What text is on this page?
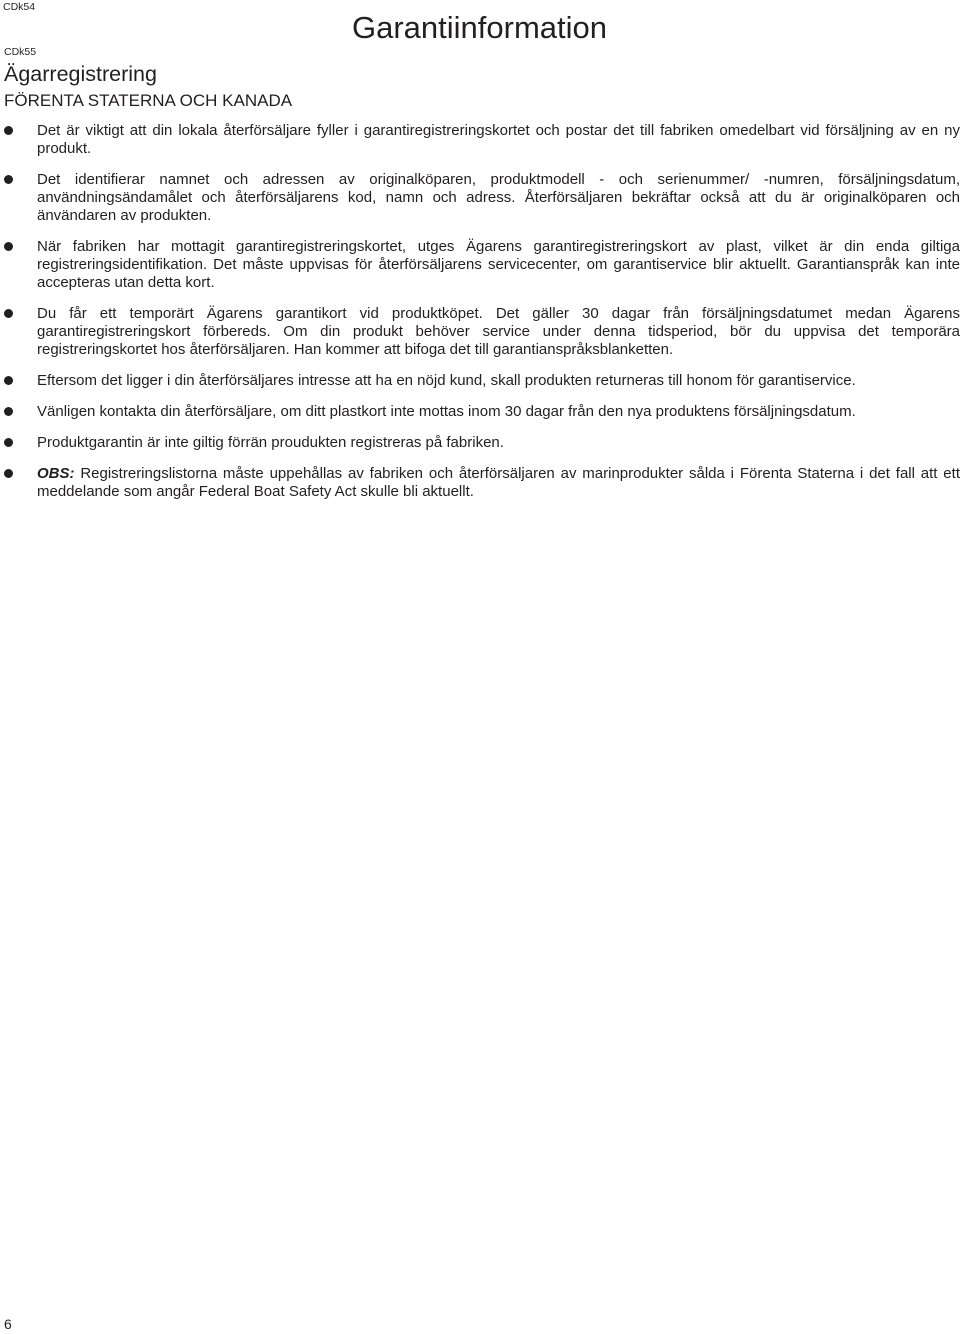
CDk54
Garantiinformation
CDk55
Ägarregistrering
FÖRENTA STATERNA OCH KANADA
Det är viktigt att din lokala återförsäljare fyller i garantiregistreringskortet och postar det till fabriken omedelbart vid försäljning av en ny produkt.
Det identifierar namnet och adressen av originalköparen, produktmodell - och serienummer/ -numren, försäljningsdatum, användningsändamålet och återförsäljarens kod, namn och adress. Återförsäljaren bekräftar också att du är originalköparen och änvändaren av produkten.
När fabriken har mottagit garantiregistreringskortet, utges Ägarens garantiregistreringskort av plast, vilket är din enda giltiga registreringsidentifikation. Det måste uppvisas för återförsäljarens servicecenter, om garantiservice blir aktuellt. Garantianspråk kan inte accepteras utan detta kort.
Du får ett temporärt Ägarens garantikort vid produktköpet. Det gäller 30 dagar från försäljningsdatumet medan Ägarens garantiregistreringskort förbereds. Om din produkt behöver service under denna tidsperiod, bör du uppvisa det temporära registreringskortet hos återförsäljaren. Han kommer att bifoga det till garantianspråksblanketten.
Eftersom det ligger i din återförsäljares intresse att ha en nöjd kund, skall produkten returneras till honom för garantiservice.
Vänligen kontakta din återförsäljare, om ditt plastkort inte mottas inom 30 dagar från den nya produktens försäljningsdatum.
Produktgarantin är inte giltig förrän proudukten registreras på fabriken.
OBS: Registreringslistorna måste uppehållas av fabriken och återförsäljaren av marinprodukter sålda i Förenta Staterna i det fall att ett meddelande som angår Federal Boat Safety Act skulle bli aktuellt.
6
